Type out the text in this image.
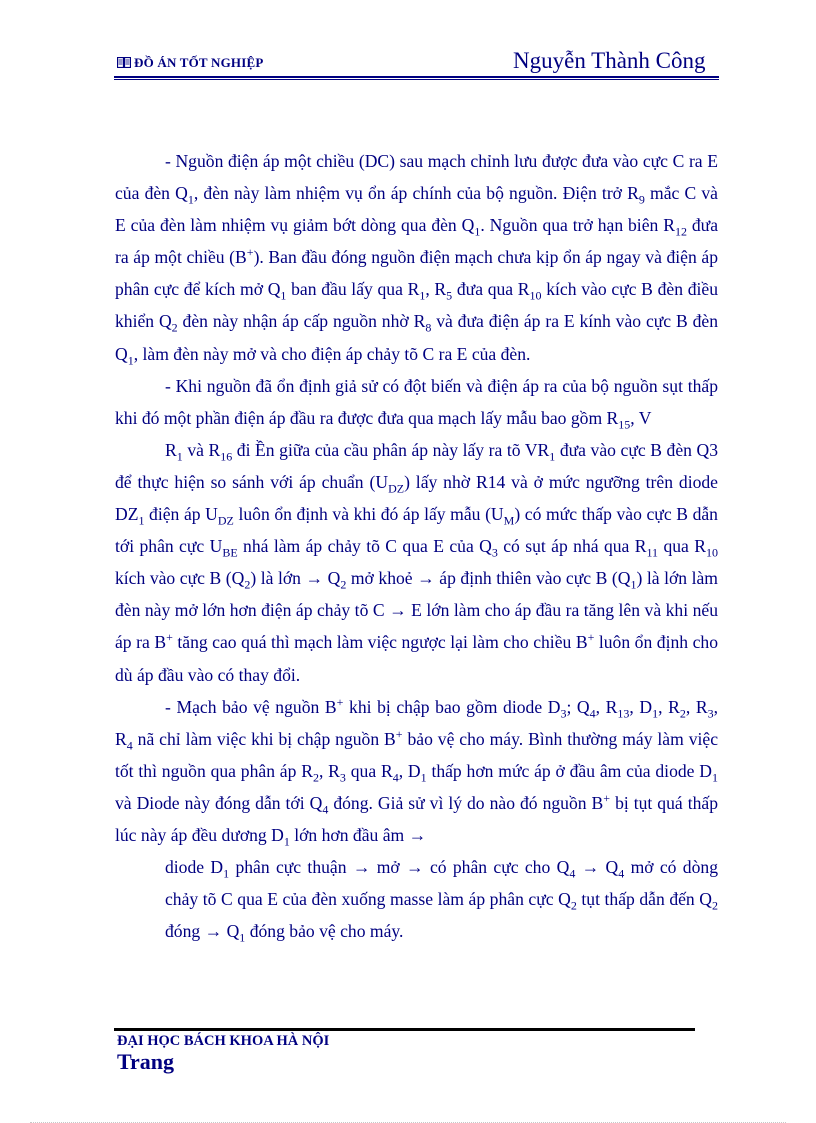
ĐỒ ÁN TỐT NGHIỆP	Nguyễn Thành Công

- Nguồn điện áp một chiều (DC) sau mạch chỉnh lưu được đưa vào cực C ra E của đèn $Q_1$, đèn này làm nhiệm vụ ổn áp chính của bộ nguồn. Điện trở $R_9$ mắc C và E của đèn làm nhiệm vụ giảm bớt dòng qua đèn $Q_1$. Nguồn qua trở hạn biên $R_{12}$ đưa ra áp một chiều (B+). Ban đầu đóng nguồn điện mạch chưa kịp ổn áp ngay và điện áp phân cực để kích mở $Q_1$ ban đầu lấy qua $R_1$, $R_5$ đưa qua $R_{10}$ kích vào cực B đèn điều khiển $Q_2$ đèn này nhận áp cấp nguồn nhờ $R_8$ và đưa điện áp ra E kính vào cực B đèn $Q_1$, làm đèn này mở và cho điện áp chảy tõ C ra E của đèn.

- Khi nguồn đã ổn định giả sử có đột biến và điện áp ra của bộ nguồn sụt thấp khi đó một phần điện áp đầu ra được đưa qua mạch lấy mẫu bao gồm $R_{15}$, V

$R_1$ và $R_{16}$ đi Ền giữa của cầu phân áp này lấy ra tõ $VR_1$ đưa vào cực B đèn Q3 để thực hiện so sánh với áp chuẩn $(U_{DZ})$ lấy nhờ R14 và ở mức ngưỡng trên diode $DZ_1$ điện áp $U_{DZ}$ luôn ổn định và khi đó áp lấy mẫu $(U_M)$ có mức thấp vào cực B dẫn tới phân cực $U_{BE}$ nhá làm áp chảy tõ C qua E của $Q_3$ có sụt áp nhá qua $R_{11}$ qua $R_{10}$ kích vào cực B $(Q_2)$ là lớn → $Q_2$ mở khoẻ → áp định thiên vào cực B $(Q_1)$ là lớn làm đèn này mở lớn hơn điện áp chảy tõ C → E lớn làm cho áp đầu ra tăng lên và khi nếu áp ra B+ tăng cao quá thì mạch làm việc ngược lại làm cho chiều B+ luôn ổn định cho dù áp đầu vào có thay đổi.

- Mạch bảo vệ nguồn B+ khi bị chập bao gồm diode $D_3$; $Q_4$, $R_{13}$, $D_1$, $R_2$, $R_3$, $R_4$ nã chỉ làm việc khi bị chập nguồn B+ bảo vệ cho máy. Bình thường máy làm việc tốt thì nguồn qua phân áp $R_2$, $R_3$ qua $R_4$, $D_1$ thấp hơn mức áp ở đầu âm của diode $D_1$ và Diode này đóng dẫn tới $Q_4$ đóng. Giả sử vì lý do nào đó nguồn B+ bị tụt quá thấp lúc này áp đều dương $D_1$ lớn hơn đầu âm →

diode $D_1$ phân cực thuận → mở → có phân cực cho $Q_4 \to Q_4$ mở có dòng chảy tõ C qua E của đèn xuống masse làm áp phân cực $Q_2$ tụt thấp dẫn đến $Q_2$ đóng → $Q_1$ đóng bảo vệ cho máy.

ĐẠI HỌC BÁCH KHOA HÀ NỘI
Trang
